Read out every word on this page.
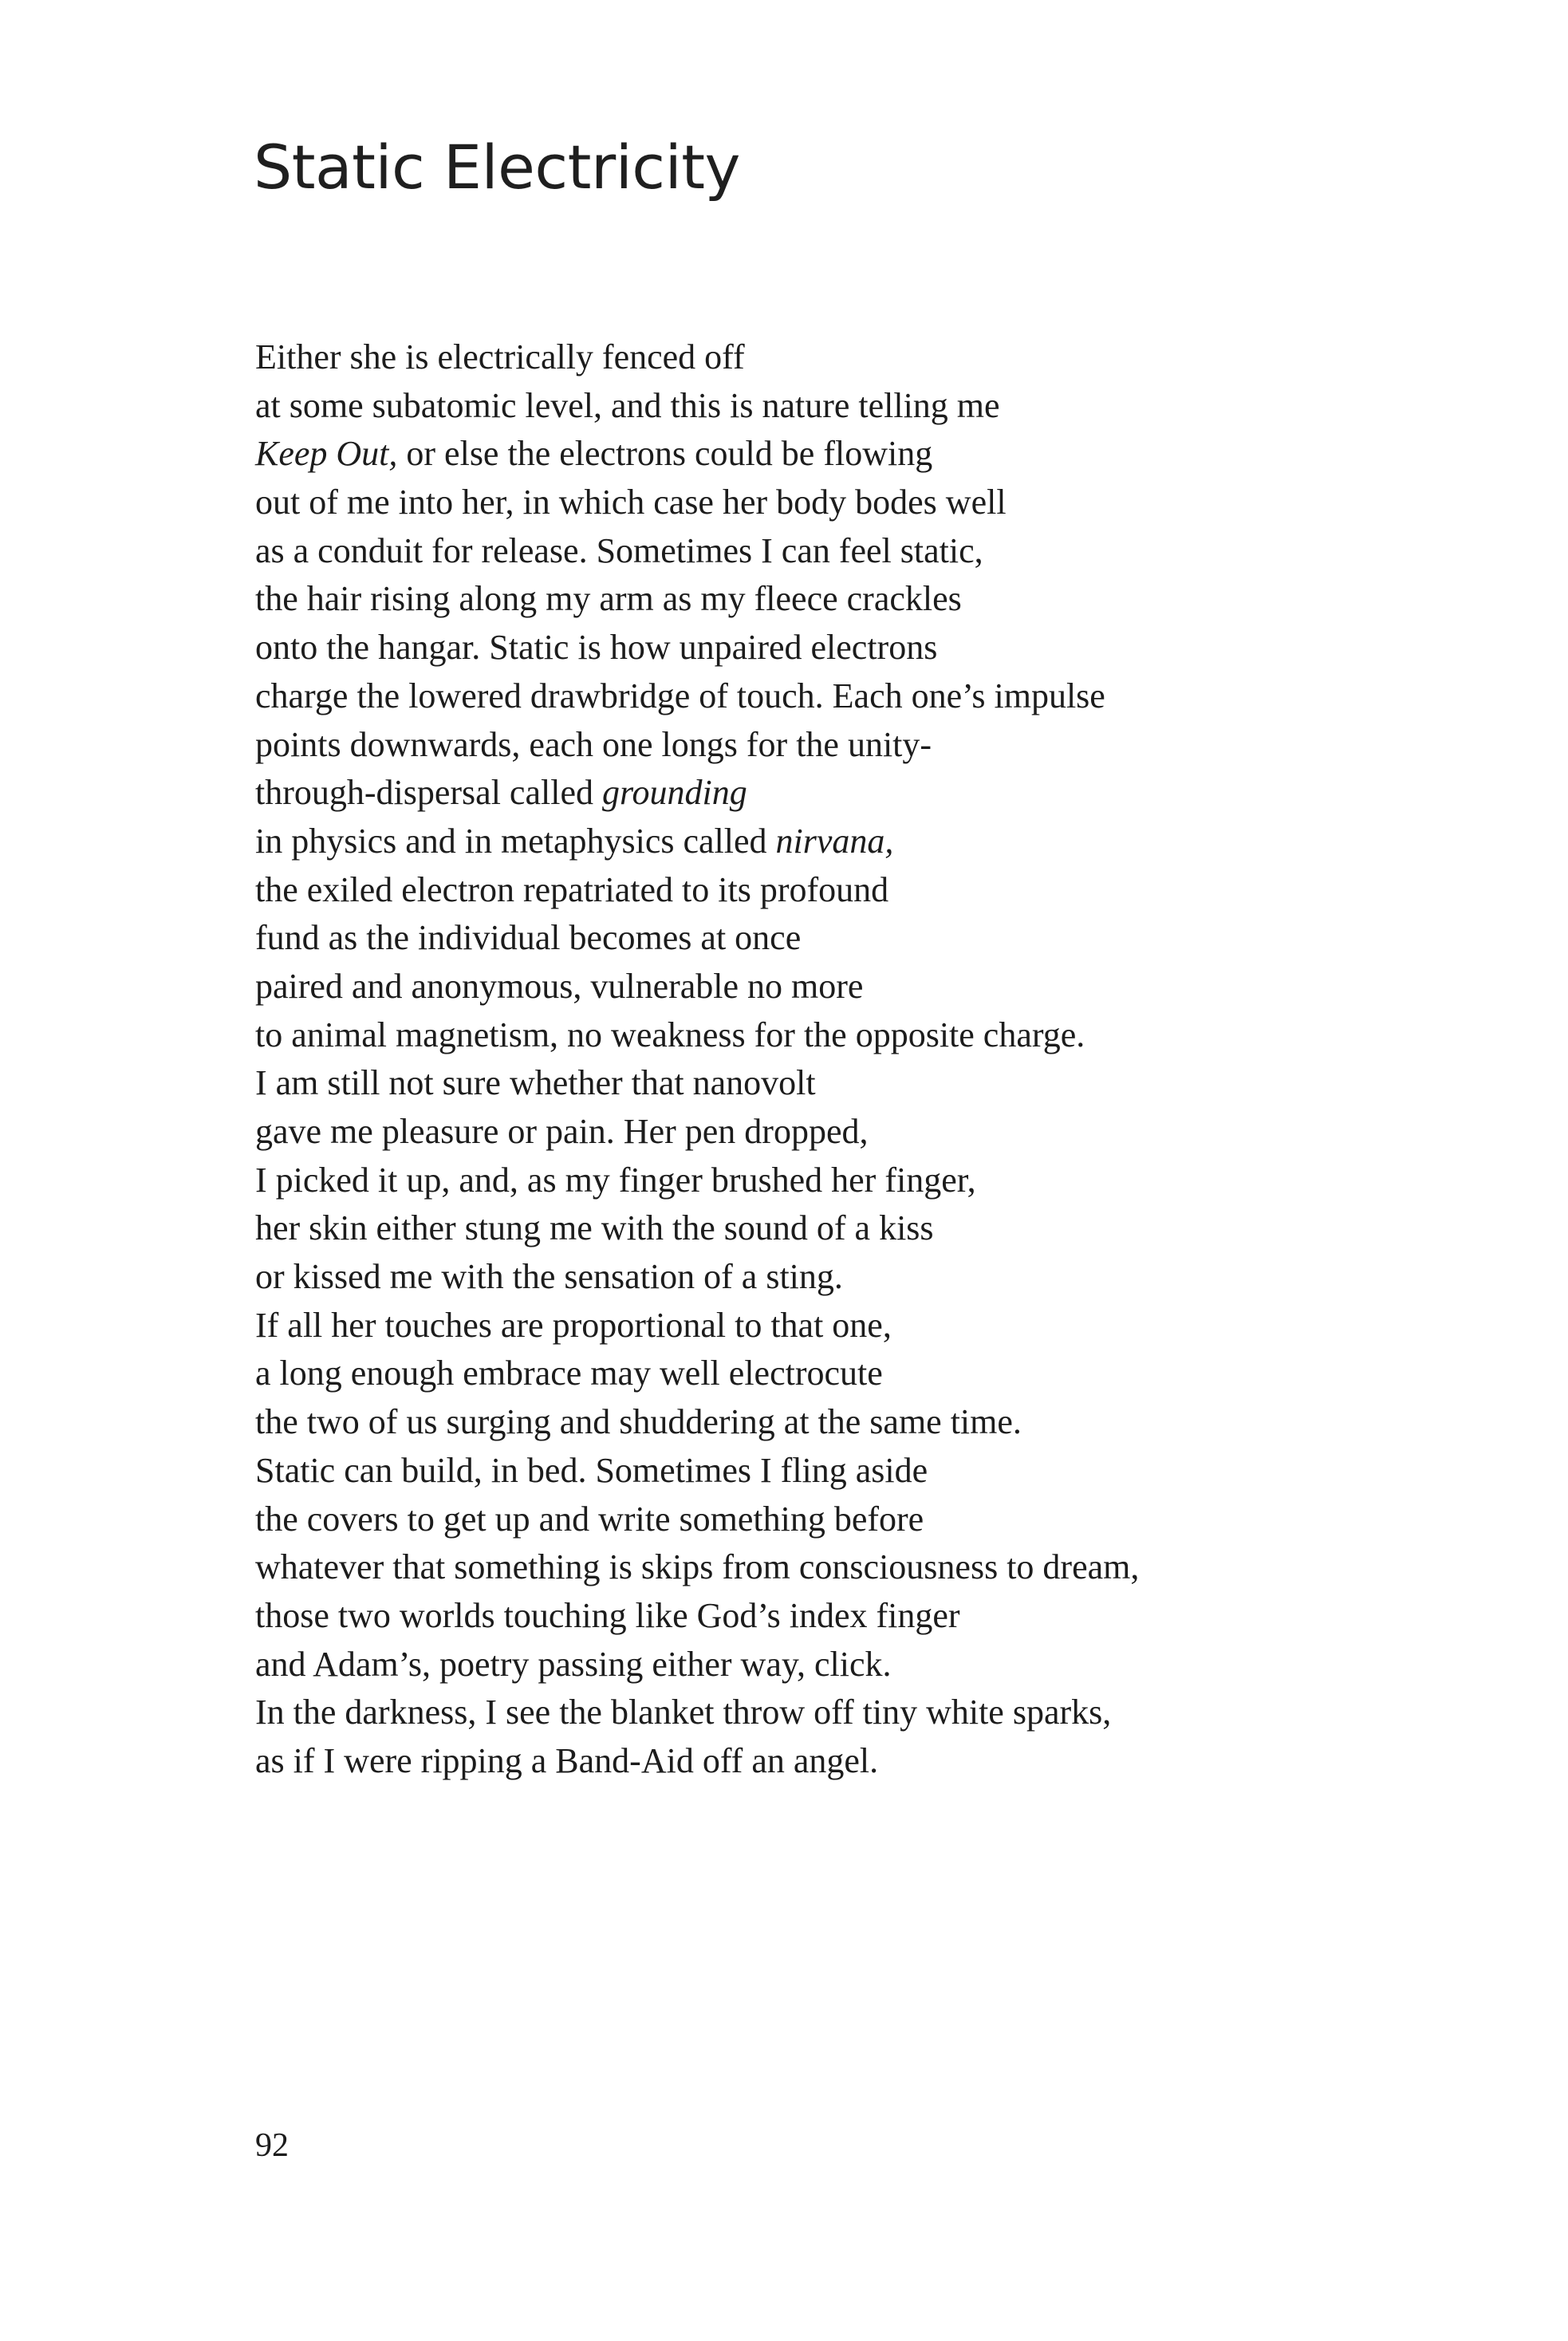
Static Electricity
Either she is electrically fenced off
at some subatomic level, and this is nature telling me
Keep Out, or else the electrons could be flowing
out of me into her, in which case her body bodes well
as a conduit for release. Sometimes I can feel static,
the hair rising along my arm as my fleece crackles
onto the hangar. Static is how unpaired electrons
charge the lowered drawbridge of touch. Each one’s impulse
points downwards, each one longs for the unity-
through-dispersal called grounding
in physics and in metaphysics called nirvana,
the exiled electron repatriated to its profound
fund as the individual becomes at once
paired and anonymous, vulnerable no more
to animal magnetism, no weakness for the opposite charge.
I am still not sure whether that nanovolt
gave me pleasure or pain. Her pen dropped,
I picked it up, and, as my finger brushed her finger,
her skin either stung me with the sound of a kiss
or kissed me with the sensation of a sting.
If all her touches are proportional to that one,
a long enough embrace may well electrocute
the two of us surging and shuddering at the same time.
Static can build, in bed. Sometimes I fling aside
the covers to get up and write something before
whatever that something is skips from consciousness to dream,
those two worlds touching like God’s index finger
and Adam’s, poetry passing either way, click.
In the darkness, I see the blanket throw off tiny white sparks,
as if I were ripping a Band-Aid off an angel.
92
